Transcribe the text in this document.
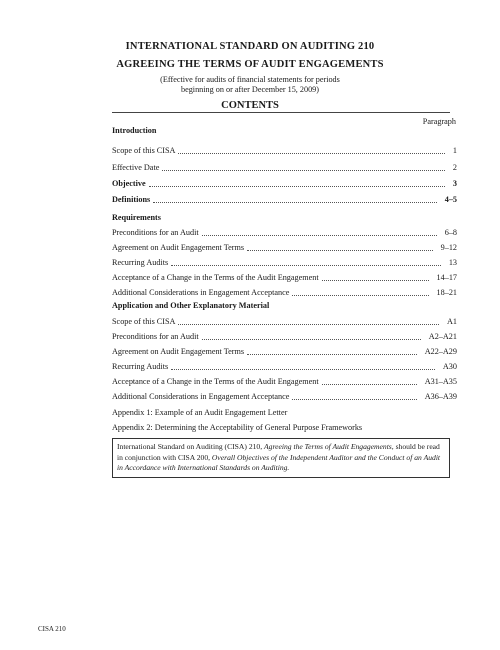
INTERNATIONAL STANDARD ON AUDITING 210
AGREEING THE TERMS OF AUDIT ENGAGEMENTS
(Effective for audits of financial statements for periods
beginning on or after December 15, 2009)
CONTENTS
Paragraph
Introduction
Scope of this CISA	1
Effective Date	2
Objective	3
Definitions	4–5
Requirements
Preconditions for an Audit	6–8
Agreement on Audit Engagement Terms	9–12
Recurring Audits	13
Acceptance of a Change in the Terms of the Audit Engagement	14–17
Additional Considerations in Engagement Acceptance	18–21
Application and Other Explanatory Material
Scope of this CISA	A1
Preconditions for an Audit	A2–A21
Agreement on Audit Engagement Terms	A22–A29
Recurring Audits	A30
Acceptance of a Change in the Terms of the Audit Engagement	A31–A35
Additional Considerations in Engagement Acceptance	A36–A39
Appendix 1: Example of an Audit Engagement Letter
Appendix 2: Determining the Acceptability of General Purpose Frameworks
International Standard on Auditing (CISA) 210, Agreeing the Terms of Audit Engagements, should be read in conjunction with CISA 200, Overall Objectives of the Independent Auditor and the Conduct of an Audit in Accordance with International Standards on Auditing.
CISA 210
